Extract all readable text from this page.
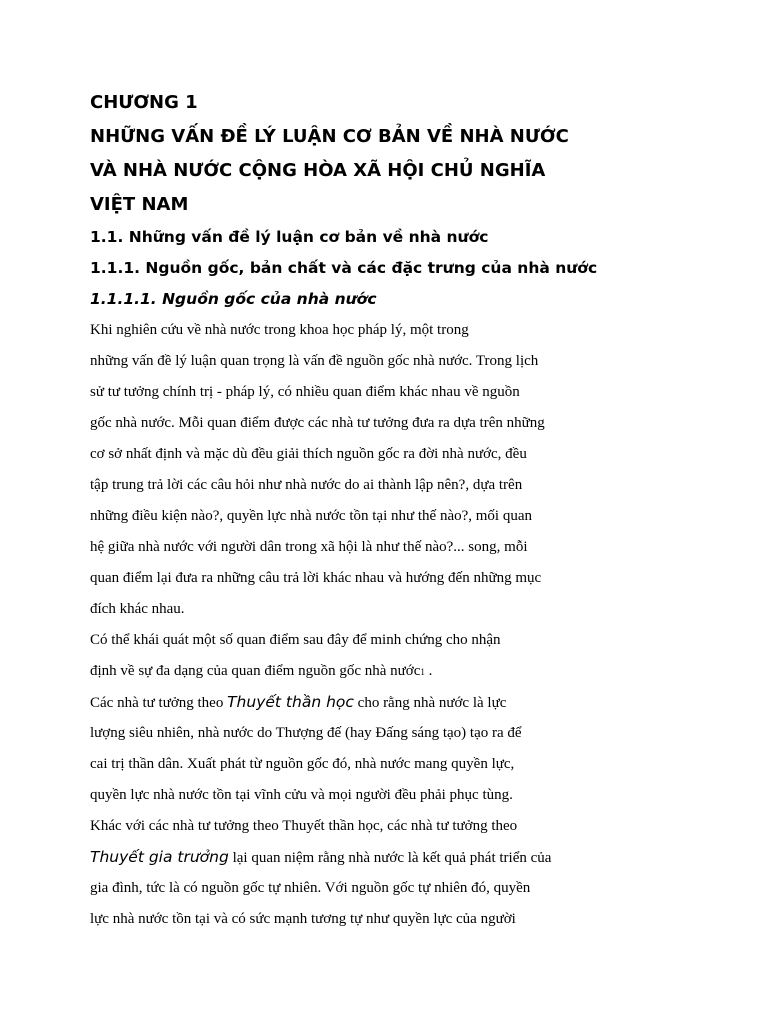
CHƯƠNG 1
NHỮNG VẤN ĐỀ LÝ LUẬN CƠ BẢN VỀ NHÀ NƯỚC
VÀ NHÀ NƯỚC CỘNG HÒA XÃ HỘI CHỦ NGHĨA
VIỆT NAM
1.1. Những vấn đề lý luận cơ bản về nhà nước
1.1.1. Nguồn gốc, bản chất và các đặc trưng của nhà nước
1.1.1.1. Nguồn gốc của nhà nước
Khi nghiên cứu về nhà nước trong khoa học pháp lý, một trong
những vấn đề lý luận quan trọng là vấn đề nguồn gốc nhà nước. Trong lịch
sử tư tưởng chính trị - pháp lý, có nhiều quan điểm khác nhau về nguồn
gốc nhà nước. Mỗi quan điểm được các nhà tư tưởng đưa ra dựa trên những
cơ sở nhất định và mặc dù đều giải thích nguồn gốc ra đời nhà nước, đều
tập trung trả lời các câu hỏi như nhà nước do ai thành lập nên?, dựa trên
những điều kiện nào?, quyền lực nhà nước tồn tại như thế nào?, mối quan
hệ giữa nhà nước với người dân trong xã hội là như thế nào?... song, mỗi
quan điểm lại đưa ra những câu trả lời khác nhau và hướng đến những mục
đích khác nhau.
Có thể khái quát một số quan điểm sau đây để minh chứng cho nhận
định về sự đa dạng của quan điểm nguồn gốc nhà nước1 .
Các nhà tư tưởng theo Thuyết thần học cho rằng nhà nước là lực
lượng siêu nhiên, nhà nước do Thượng đế (hay Đấng sáng tạo) tạo ra để
cai trị thần dân. Xuất phát từ nguồn gốc đó, nhà nước mang quyền lực,
quyền lực nhà nước tồn tại vĩnh cửu và mọi người đều phải phục tùng.
Khác với các nhà tư tưởng theo Thuyết thần học, các nhà tư tưởng theo
Thuyết gia trưởng lại quan niệm rằng nhà nước là kết quả phát triển của
gia đình, tức là có nguồn gốc tự nhiên. Với nguồn gốc tự nhiên đó, quyền
lực nhà nước tồn tại và có sức mạnh tương tự như quyền lực của người
